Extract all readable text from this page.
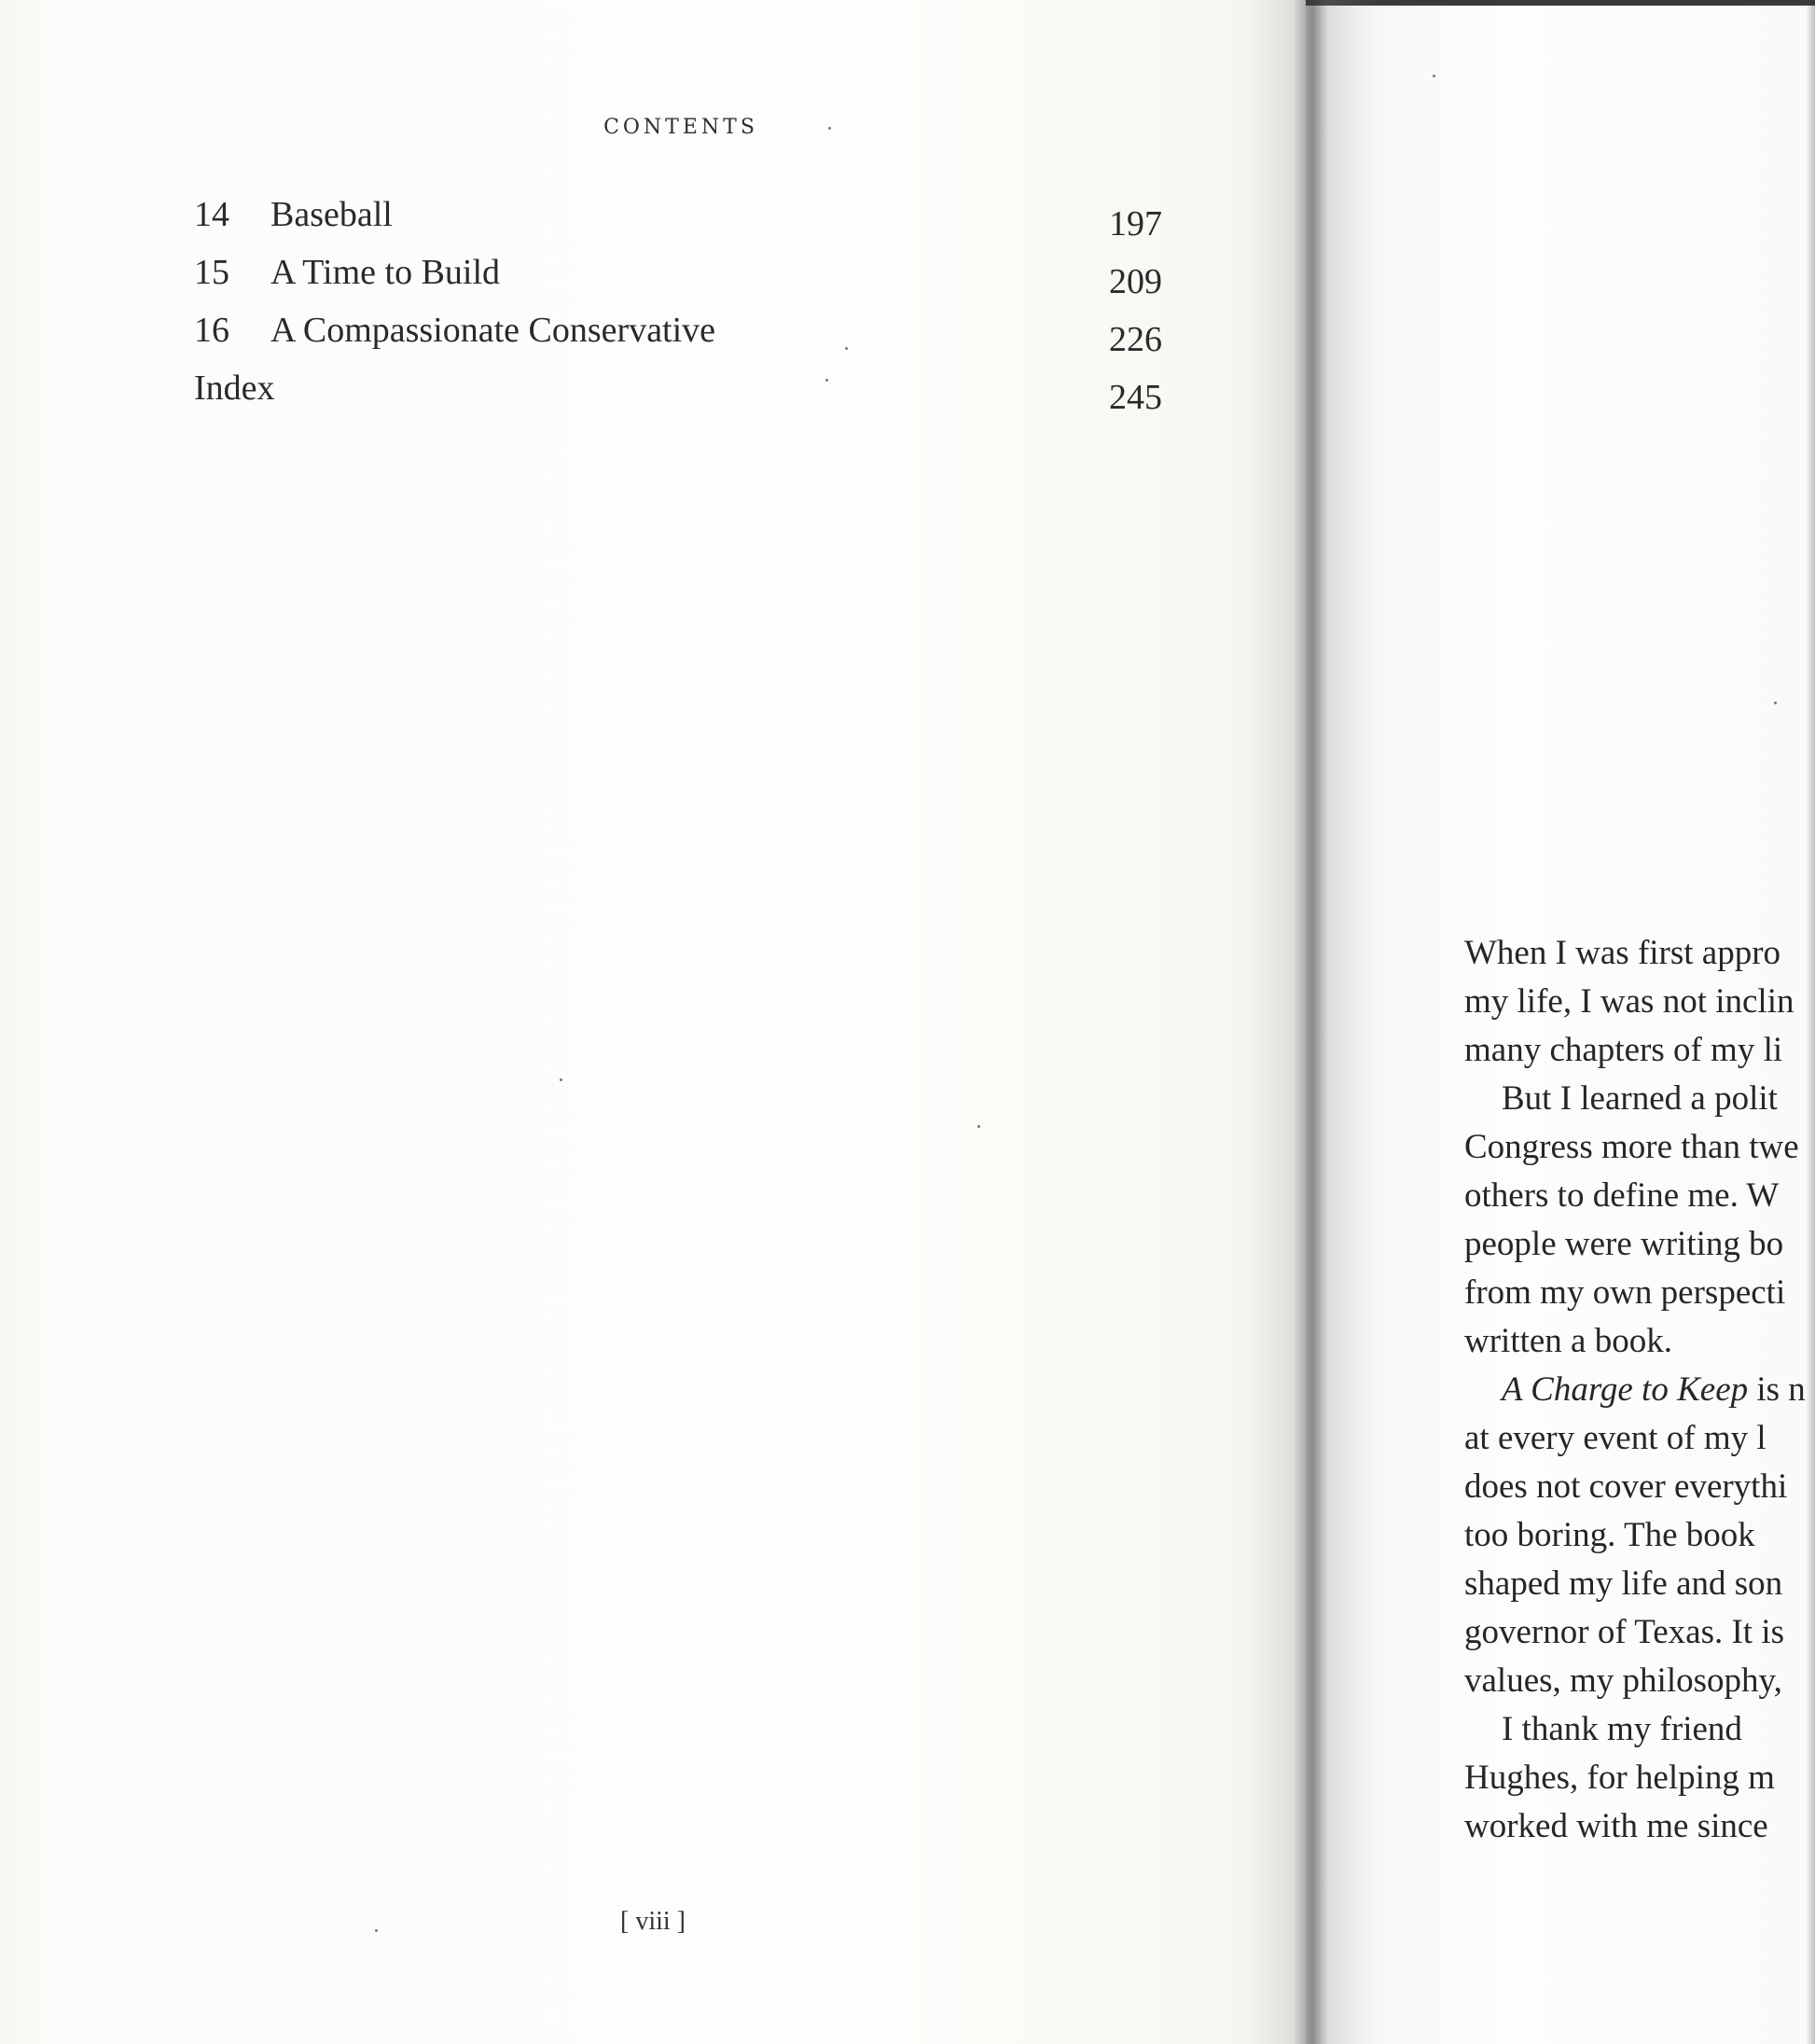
CONTENTS
14 Baseball	197
15 A Time to Build	209
16 A Compassionate Conservative	226
Index	245
[ viii ]
When I was first appro
my life, I was not inclin
many chapters of my li
But I learned a polit
Congress more than twe
others to define me. W
people were writing bo
from my own perspecti
written a book.
A Charge to Keep is n
at every event of my l
does not cover everythi
too boring. The book
shaped my life and son
governor of Texas. It is
values, my philosophy,
I thank my friend
Hughes, for helping m
worked with me since
